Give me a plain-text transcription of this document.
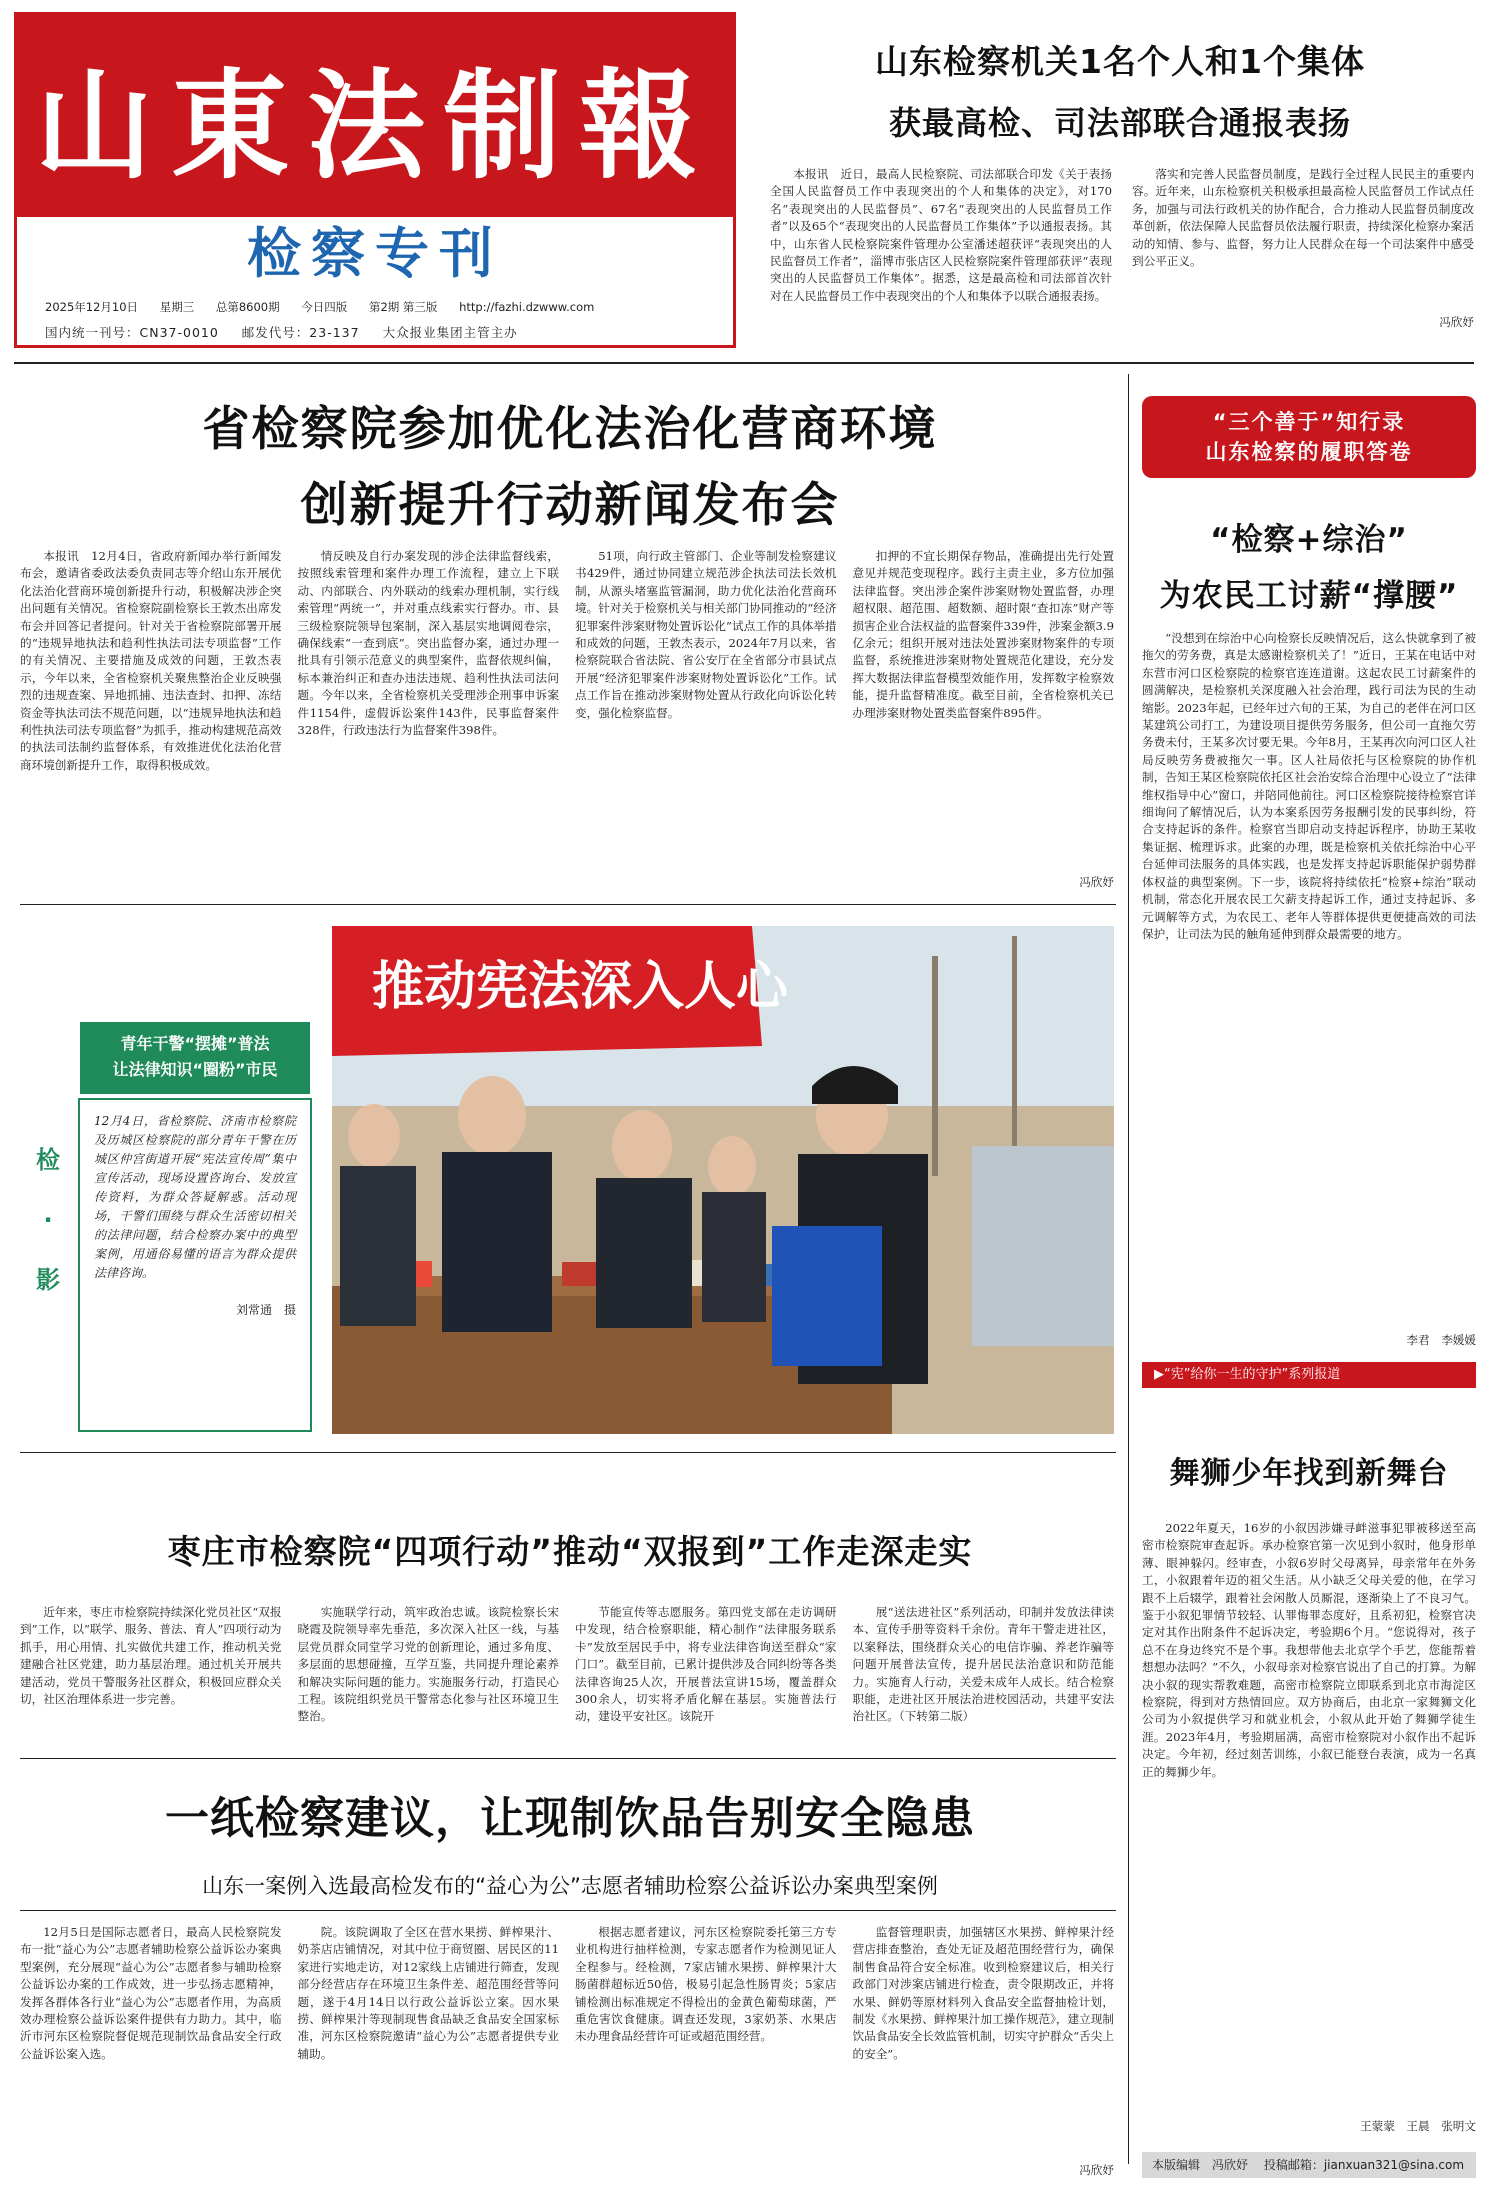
山東法制報
检察专刊
2025年12月10日 星期三 总第8600期 今日四版 第2期 第三版 http://fazhi.dzwww.com
国内统一刊号：CN37-0010 邮发代号：23-137 大众报业集团主管主办
山东检察机关1名个人和1个集体
获最高检、司法部联合通报表扬

本报讯　近日，最高人民检察院、司法部联合印发《关于表扬全国人民监督员工作中表现突出的个人和集体的决定》，对170名“表现突出的人民监督员”、67名“表现突出的人民监督员工作者”以及65个“表现突出的人民监督员工作集体”予以通报表扬。其中，山东省人民检察院案件管理办公室潘述超获评“表现突出的人民监督员工作者”，淄博市张店区人民检察院案件管理部获评“表现突出的人民监督员工作集体”。据悉，这是最高检和司法部首次针对在人民监督员工作中表现突出的个人和集体予以联合通报表扬。

落实和完善人民监督员制度，是践行全过程人民民主的重要内容。近年来，山东检察机关积极承担最高检人民监督员工作试点任务，加强与司法行政机关的协作配合，合力推动人民监督员制度改革创新，依法保障人民监督员依法履行职责，持续深化检察办案活动的知情、参与、监督，努力让人民群众在每一个司法案件中感受到公平正义。

冯欣妤
省检察院参加优化法治化营商环境
创新提升行动新闻发布会

本报讯　12月4日，省政府新闻办举行新闻发布会，邀请省委政法委负责同志等介绍山东开展优化法治化营商环境创新提升行动，积极解决涉企突出问题有关情况。省检察院副检察长王敦杰出席发布会并回答记者提问。针对关于省检察院部署开展的“违规异地执法和趋利性执法司法专项监督”工作的有关情况、主要措施及成效的问题，王敦杰表示，今年以来，全省检察机关聚焦整治企业反映强烈的违规查案、异地抓捕、违法查封、扣押、冻结资金等执法司法不规范问题，以“违规异地执法和趋利性执法司法专项监督”为抓手，推动构建规范高效的执法司法制约监督体系，有效推进优化法治化营商环境创新提升工作，取得积极成效。

情反映及自行办案发现的涉企法律监督线索，按照线索管理和案件办理工作流程，建立上下联动、内部联合、内外联动的线索办理机制，实行线索管理“两统一”，并对重点线索实行督办。市、县三级检察院领导包案制，深入基层实地调阅卷宗，确保线索“一查到底”。突出监督办案，通过办理一批具有引领示范意义的典型案件，监督依规纠偏，标本兼治纠正和查办违法违规、趋利性执法司法问题。今年以来，全省检察机关受理涉企刑事申诉案件1154件，虚假诉讼案件143件，民事监督案件328件，行政违法行为监督案件398件。

51项，向行政主管部门、企业等制发检察建议书429件，通过协同建立规范涉企执法司法长效机制，从源头堵塞监管漏洞，助力优化法治化营商环境。针对关于检察机关与相关部门协同推动的“经济犯罪案件涉案财物处置诉讼化”试点工作的具体举措和成效的问题，王敦杰表示，2024年7月以来，省检察院联合省法院、省公安厅在全省部分市县试点开展“经济犯罪案件涉案财物处置诉讼化”工作。试点工作旨在推动涉案财物处置从行政化向诉讼化转变，强化检察监督。

扣押的不宜长期保存物品，准确提出先行处置意见并规范变现程序。践行主责主业，多方位加强法律监督。突出涉企案件涉案财物处置监督，办理超权限、超范围、超数额、超时限“查扣冻”财产等损害企业合法权益的监督案件339件，涉案金额3.9亿余元；组织开展对违法处置涉案财物案件的专项监督，系统推进涉案财物处置规范化建设，充分发挥大数据法律监督模型效能作用，发挥数字检察效能，提升监督精准度。截至目前，全省检察机关已办理涉案财物处置类监督案件895件。

冯欣妤
青年干警“摆摊”普法
让法律知识“圈粉”市民
检
·
影
12月4日，省检察院、济南市检察院及历城区检察院的部分青年干警在历城区仲宫街道开展“宪法宣传周”集中宣传活动，现场设置咨询台、发放宣传资料，为群众答疑解惑。活动现场，干警们围绕与群众生活密切相关的法律问题，结合检察办案中的典型案例，用通俗易懂的语言为群众提供法律咨询。
刘常通　摄
推动宪法深入人心
枣庄市检察院“四项行动”推动“双报到”工作走深走实

近年来，枣庄市检察院持续深化党员社区“双报到”工作，以“联学、服务、普法、育人”四项行动为抓手，用心用情、扎实做优共建工作，推动机关党建融合社区党建，助力基层治理。通过机关开展共建活动，党员干警服务社区群众，积极回应群众关切，社区治理体系进一步完善。

实施联学行动，筑牢政治忠诚。该院检察长宋晓霞及院领导率先垂范，多次深入社区一线，与基层党员群众同堂学习党的创新理论，通过多角度、多层面的思想碰撞，互学互鉴，共同提升理论素养和解决实际问题的能力。实施服务行动，打造民心工程。该院组织党员干警常态化参与社区环境卫生整治。

节能宣传等志愿服务。第四党支部在走访调研中发现，结合检察职能，精心制作“法律服务联系卡”发放至居民手中，将专业法律咨询送至群众“家门口”。截至目前，已累计提供涉及合同纠纷等各类法律咨询25人次，开展普法宣讲15场，覆盖群众300余人，切实将矛盾化解在基层。实施普法行动，建设平安社区。该院开

展“送法进社区”系列活动，印制并发放法律读本、宣传手册等资料千余份。青年干警走进社区，以案释法，围绕群众关心的电信诈骗、养老诈骗等问题开展普法宣传，提升居民法治意识和防范能力。实施育人行动，关爱未成年人成长。结合检察职能，走进社区开展法治进校园活动，共建平安法治社区。（下转第二版）

一纸检察建议，让现制饮品告别安全隐患
山东一案例入选最高检发布的“益心为公”志愿者辅助检察公益诉讼办案典型案例

12月5日是国际志愿者日，最高人民检察院发布一批“益心为公”志愿者辅助检察公益诉讼办案典型案例，充分展现“益心为公”志愿者参与辅助检察公益诉讼办案的工作成效，进一步弘扬志愿精神，发挥各群体各行业“益心为公”志愿者作用，为高质效办理检察公益诉讼案件提供有力助力。其中，临沂市河东区检察院督促规范现制饮品食品安全行政公益诉讼案入选。

院。该院调取了全区在营水果捞、鲜榨果汁、奶茶店店铺情况，对其中位于商贸圈、居民区的11家进行实地走访，对12家线上店铺进行筛查，发现部分经营店存在环境卫生条件差、超范围经营等问题，遂于4月14日以行政公益诉讼立案。因水果捞、鲜榨果汁等现制现售食品缺乏食品安全国家标准，河东区检察院邀请“益心为公”志愿者提供专业辅助。

根据志愿者建议，河东区检察院委托第三方专业机构进行抽样检测，专家志愿者作为检测见证人全程参与。经检测，7家店铺水果捞、鲜榨果汁大肠菌群超标近50倍，极易引起急性肠胃炎；5家店铺检测出标准规定不得检出的金黄色葡萄球菌，严重危害饮食健康。调查还发现，3家奶茶、水果店未办理食品经营许可证或超范围经营。

监督管理职责，加强辖区水果捞、鲜榨果汁经营店排查整治，查处无证及超范围经营行为，确保制售食品符合安全标准。收到检察建议后，相关行政部门对涉案店铺进行检查，责令限期改正，并将水果、鲜奶等原材料列入食品安全监督抽检计划，制发《水果捞、鲜榨果汁加工操作规范》，建立现制饮品食品安全长效监管机制，切实守护群众“舌尖上的安全”。

冯欣妤
“三个善于”知行录
山东检察的履职答卷
“检察+综治”
为农民工讨薪“撑腰”

“没想到在综治中心向检察长反映情况后，这么快就拿到了被拖欠的劳务费，真是太感谢检察机关了！”近日，王某在电话中对东营市河口区检察院的检察官连连道谢。这起农民工讨薪案件的圆满解决，是检察机关深度融入社会治理，践行司法为民的生动缩影。2023年起，已经年过六旬的王某，为自己的老伴在河口区某建筑公司打工，为建设项目提供劳务服务，但公司一直拖欠劳务费未付，王某多次讨要无果。今年8月，王某再次向河口区人社局反映劳务费被拖欠一事。区人社局依托与区检察院的协作机制，告知王某区检察院依托区社会治安综合治理中心设立了“法律维权指导中心”窗口，并陪同他前往。河口区检察院接待检察官详细询问了解情况后，认为本案系因劳务报酬引发的民事纠纷，符合支持起诉的条件。检察官当即启动支持起诉程序，协助王某收集证据、梳理诉求。此案的办理，既是检察机关依托综治中心平台延伸司法服务的具体实践，也是发挥支持起诉职能保护弱势群体权益的典型案例。下一步，该院将持续依托“检察+综治”联动机制，常态化开展农民工欠薪支持起诉工作，通过支持起诉、多元调解等方式，为农民工、老年人等群体提供更便捷高效的司法保护，让司法为民的触角延伸到群众最需要的地方。

李君　李媛媛
▶“宪”给你一生的守护”系列报道
舞狮少年找到新舞台

2022年夏天，16岁的小叙因涉嫌寻衅滋事犯罪被移送至高密市检察院审查起诉。承办检察官第一次见到小叙时，他身形单薄、眼神躲闪。经审查，小叙6岁时父母离异，母亲常年在外务工，小叙跟着年迈的祖父生活。从小缺乏父母关爱的他，在学习跟不上后辍学，跟着社会闲散人员厮混，逐渐染上了不良习气。鉴于小叙犯罪情节较轻、认罪悔罪态度好，且系初犯，检察官决定对其作出附条件不起诉决定，考验期6个月。“您说得对，孩子总不在身边终究不是个事。我想带他去北京学个手艺，您能帮着想想办法吗？”不久，小叙母亲对检察官说出了自己的打算。为解决小叙的现实帮教难题，高密市检察院立即联系到北京市海淀区检察院，得到对方热情回应。双方协商后，由北京一家舞狮文化公司为小叙提供学习和就业机会，小叙从此开始了舞狮学徒生涯。2023年4月，考验期届满，高密市检察院对小叙作出不起诉决定。今年初，经过刻苦训练，小叙已能登台表演，成为一名真正的舞狮少年。

王蒙蒙　王晨　张明文
本版编辑　冯欣妤 投稿邮箱：jianxuan321@sina.com
